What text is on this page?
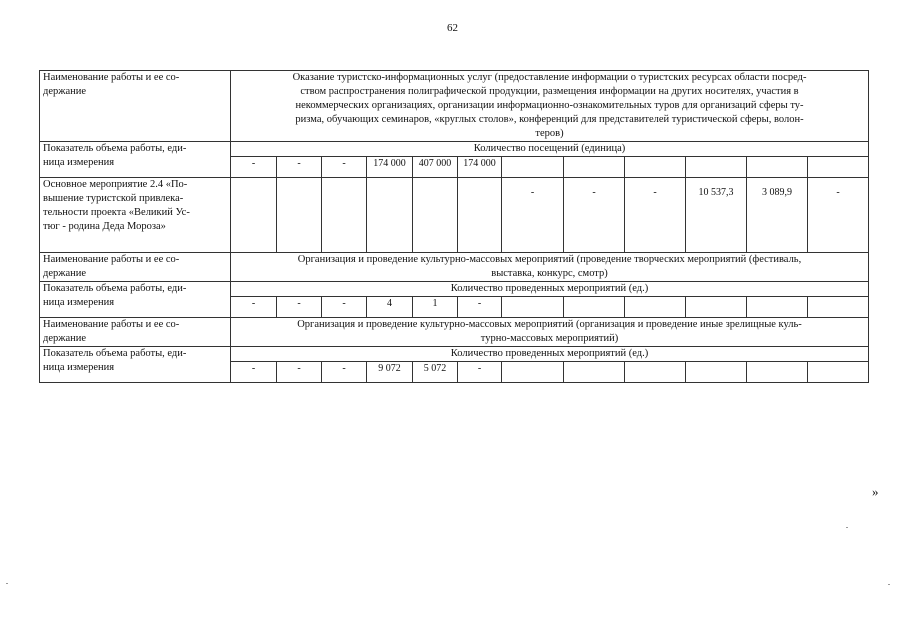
62
Наименование работы и ее со-
держание	Оказание туристско-информационных услуг (предоставление информации о туристских ресурсах области посред-
ством распространения полиграфической продукции, размещения информации на других носителях, участия в
некоммерческих организациях, организации информационно-ознакомительных туров для организаций сферы ту-
ризма, обучающих семинаров, «круглых столов», конференций для представителей туристической сферы, волон-
теров)											
Показатель объема работы, еди-
ница измерения	Количество посещений (единица)											
	-	-	-	174 000	407 000	174 000						
Основное мероприятие 2.4 «По-
вышение туристской привлека-
тельности проекта «Великий Ус-
тюг - родина Деда Мороза»							-	-	-	10 537,3	3 089,9	-
Наименование работы и ее со-
держание	Организация и проведение культурно-массовых мероприятий (проведение творческих мероприятий (фестиваль,
выставка, конкурс, смотр)											
Показатель объема работы, еди-
ница измерения	Количество проведенных мероприятий (ед.)											
	-	-	-	4	1	-						
Наименование работы и ее со-
держание	Организация и проведение культурно-массовых мероприятий (организация и проведение иные зрелищные куль-
турно-массовых мероприятий)											
Показатель объема работы, еди-
ница измерения	Количество проведенных мероприятий (ед.)											
	-	-	-	9 072	5 072	-						
»
